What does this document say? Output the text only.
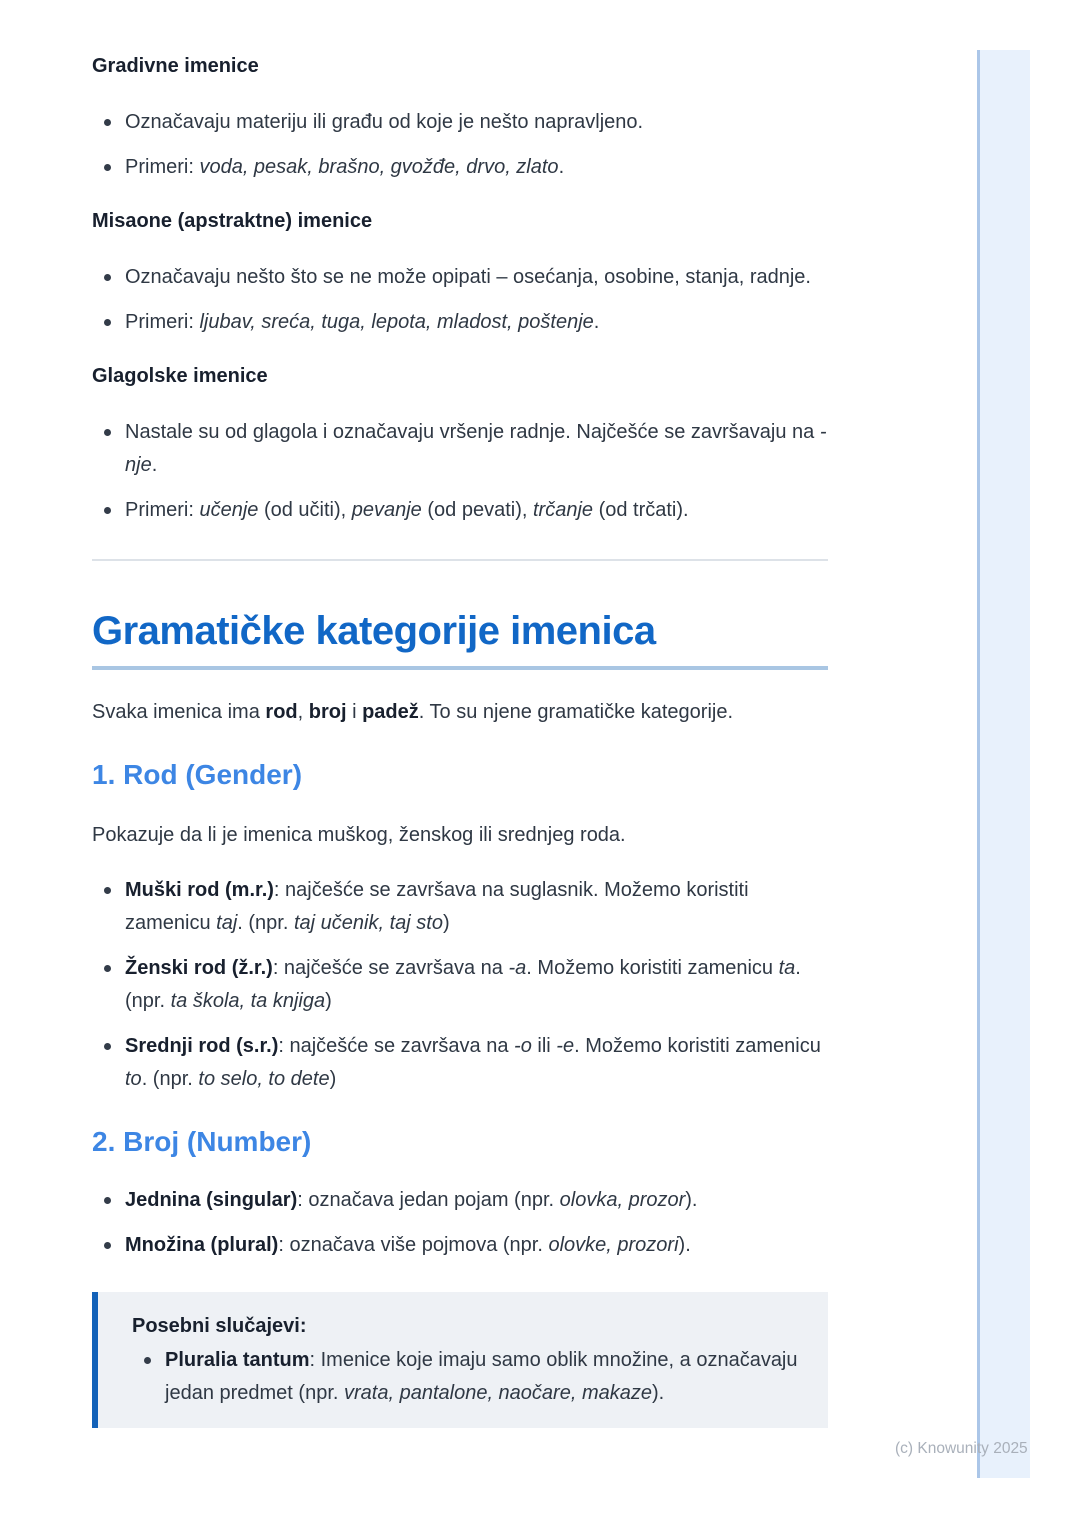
(c) Knowunity 2025
Gradivne imenice
Označavaju materiju ili građu od koje je nešto napravljeno.
Primeri: voda, pesak, brašno, gvožđe, drvo, zlato.
Misaone (apstraktne) imenice
Označavaju nešto što se ne može opipati – osećanja, osobine, stanja, radnje.
Primeri: ljubav, sreća, tuga, lepota, mladost, poštenje.
Glagolske imenice
Nastale su od glagola i označavaju vršenje radnje. Najčešće se završavaju na -nje.
Primeri: učenje (od učiti), pevanje (od pevati), trčanje (od trčati).
Gramatičke kategorije imenica

Svaka imenica ima rod, broj i padež. To su njene gramatičke kategorije.

1. Rod (Gender)

Pokazuje da li je imenica muškog, ženskog ili srednjeg roda.

Muški rod (m.r.): najčešće se završava na suglasnik. Možemo koristiti zamenicu taj. (npr. taj učenik, taj sto)
Ženski rod (ž.r.): najčešće se završava na -a. Možemo koristiti zamenicu ta. (npr. ta škola, ta knjiga)
Srednji rod (s.r.): najčešće se završava na -o ili -e. Možemo koristiti zamenicu to. (npr. to selo, to dete)
2. Broj (Number)
Jednina (singular): označava jedan pojam (npr. olovka, prozor).
Množina (plural): označava više pojmova (npr. olovke, prozori).
Posebni slučajevi:
Pluralia tantum: Imenice koje imaju samo oblik množine, a označavaju jedan predmet (npr. vrata, pantalone, naočare, makaze).
